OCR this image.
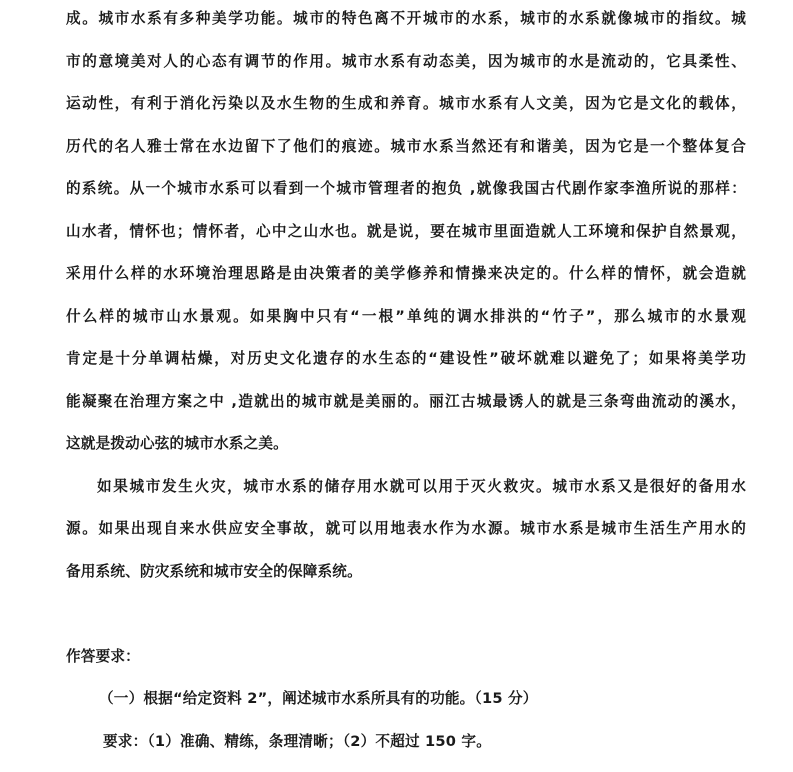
成。城市水系有多种美学功能。城市的特色离不开城市的水系，城市的水系就像城市的指纹。城
市的意境美对人的心态有调节的作用。城市水系有动态美，因为城市的水是流动的，它具柔性、
运动性，有利于消化污染以及水生物的生成和养育。城市水系有人文美，因为它是文化的载体，
历代的名人雅士常在水边留下了他们的痕迹。城市水系当然还有和谐美，因为它是一个整体复合
的系统。从一个城市水系可以看到一个城市管理者的抱负 ,就像我国古代剧作家李渔所说的那样：
山水者，情怀也；情怀者，心中之山水也。就是说，要在城市里面造就人工环境和保护自然景观，
采用什么样的水环境治理思路是由决策者的美学修养和情操来决定的。什么样的情怀，就会造就
什么样的城市山水景观。如果胸中只有“一根”单纯的调水排洪的“竹子”，那么城市的水景观
肯定是十分单调枯燥，对历史文化遗存的水生态的“建设性”破坏就难以避免了；如果将美学功
能凝聚在治理方案之中 ,造就出的城市就是美丽的。丽江古城最诱人的就是三条弯曲流动的溪水，
这就是拨动心弦的城市水系之美。
如果城市发生火灾，城市水系的储存用水就可以用于灭火救灾。城市水系又是很好的备用水
源。如果出现自来水供应安全事故，就可以用地表水作为水源。城市水系是城市生活生产用水的
备用系统、防灾系统和城市安全的保障系统。
作答要求：
（一）根据“给定资料 2”，阐述城市水系所具有的功能。（15 分）
要求：（1）准确、精练，条理清晰；（2）不超过 150 字。
